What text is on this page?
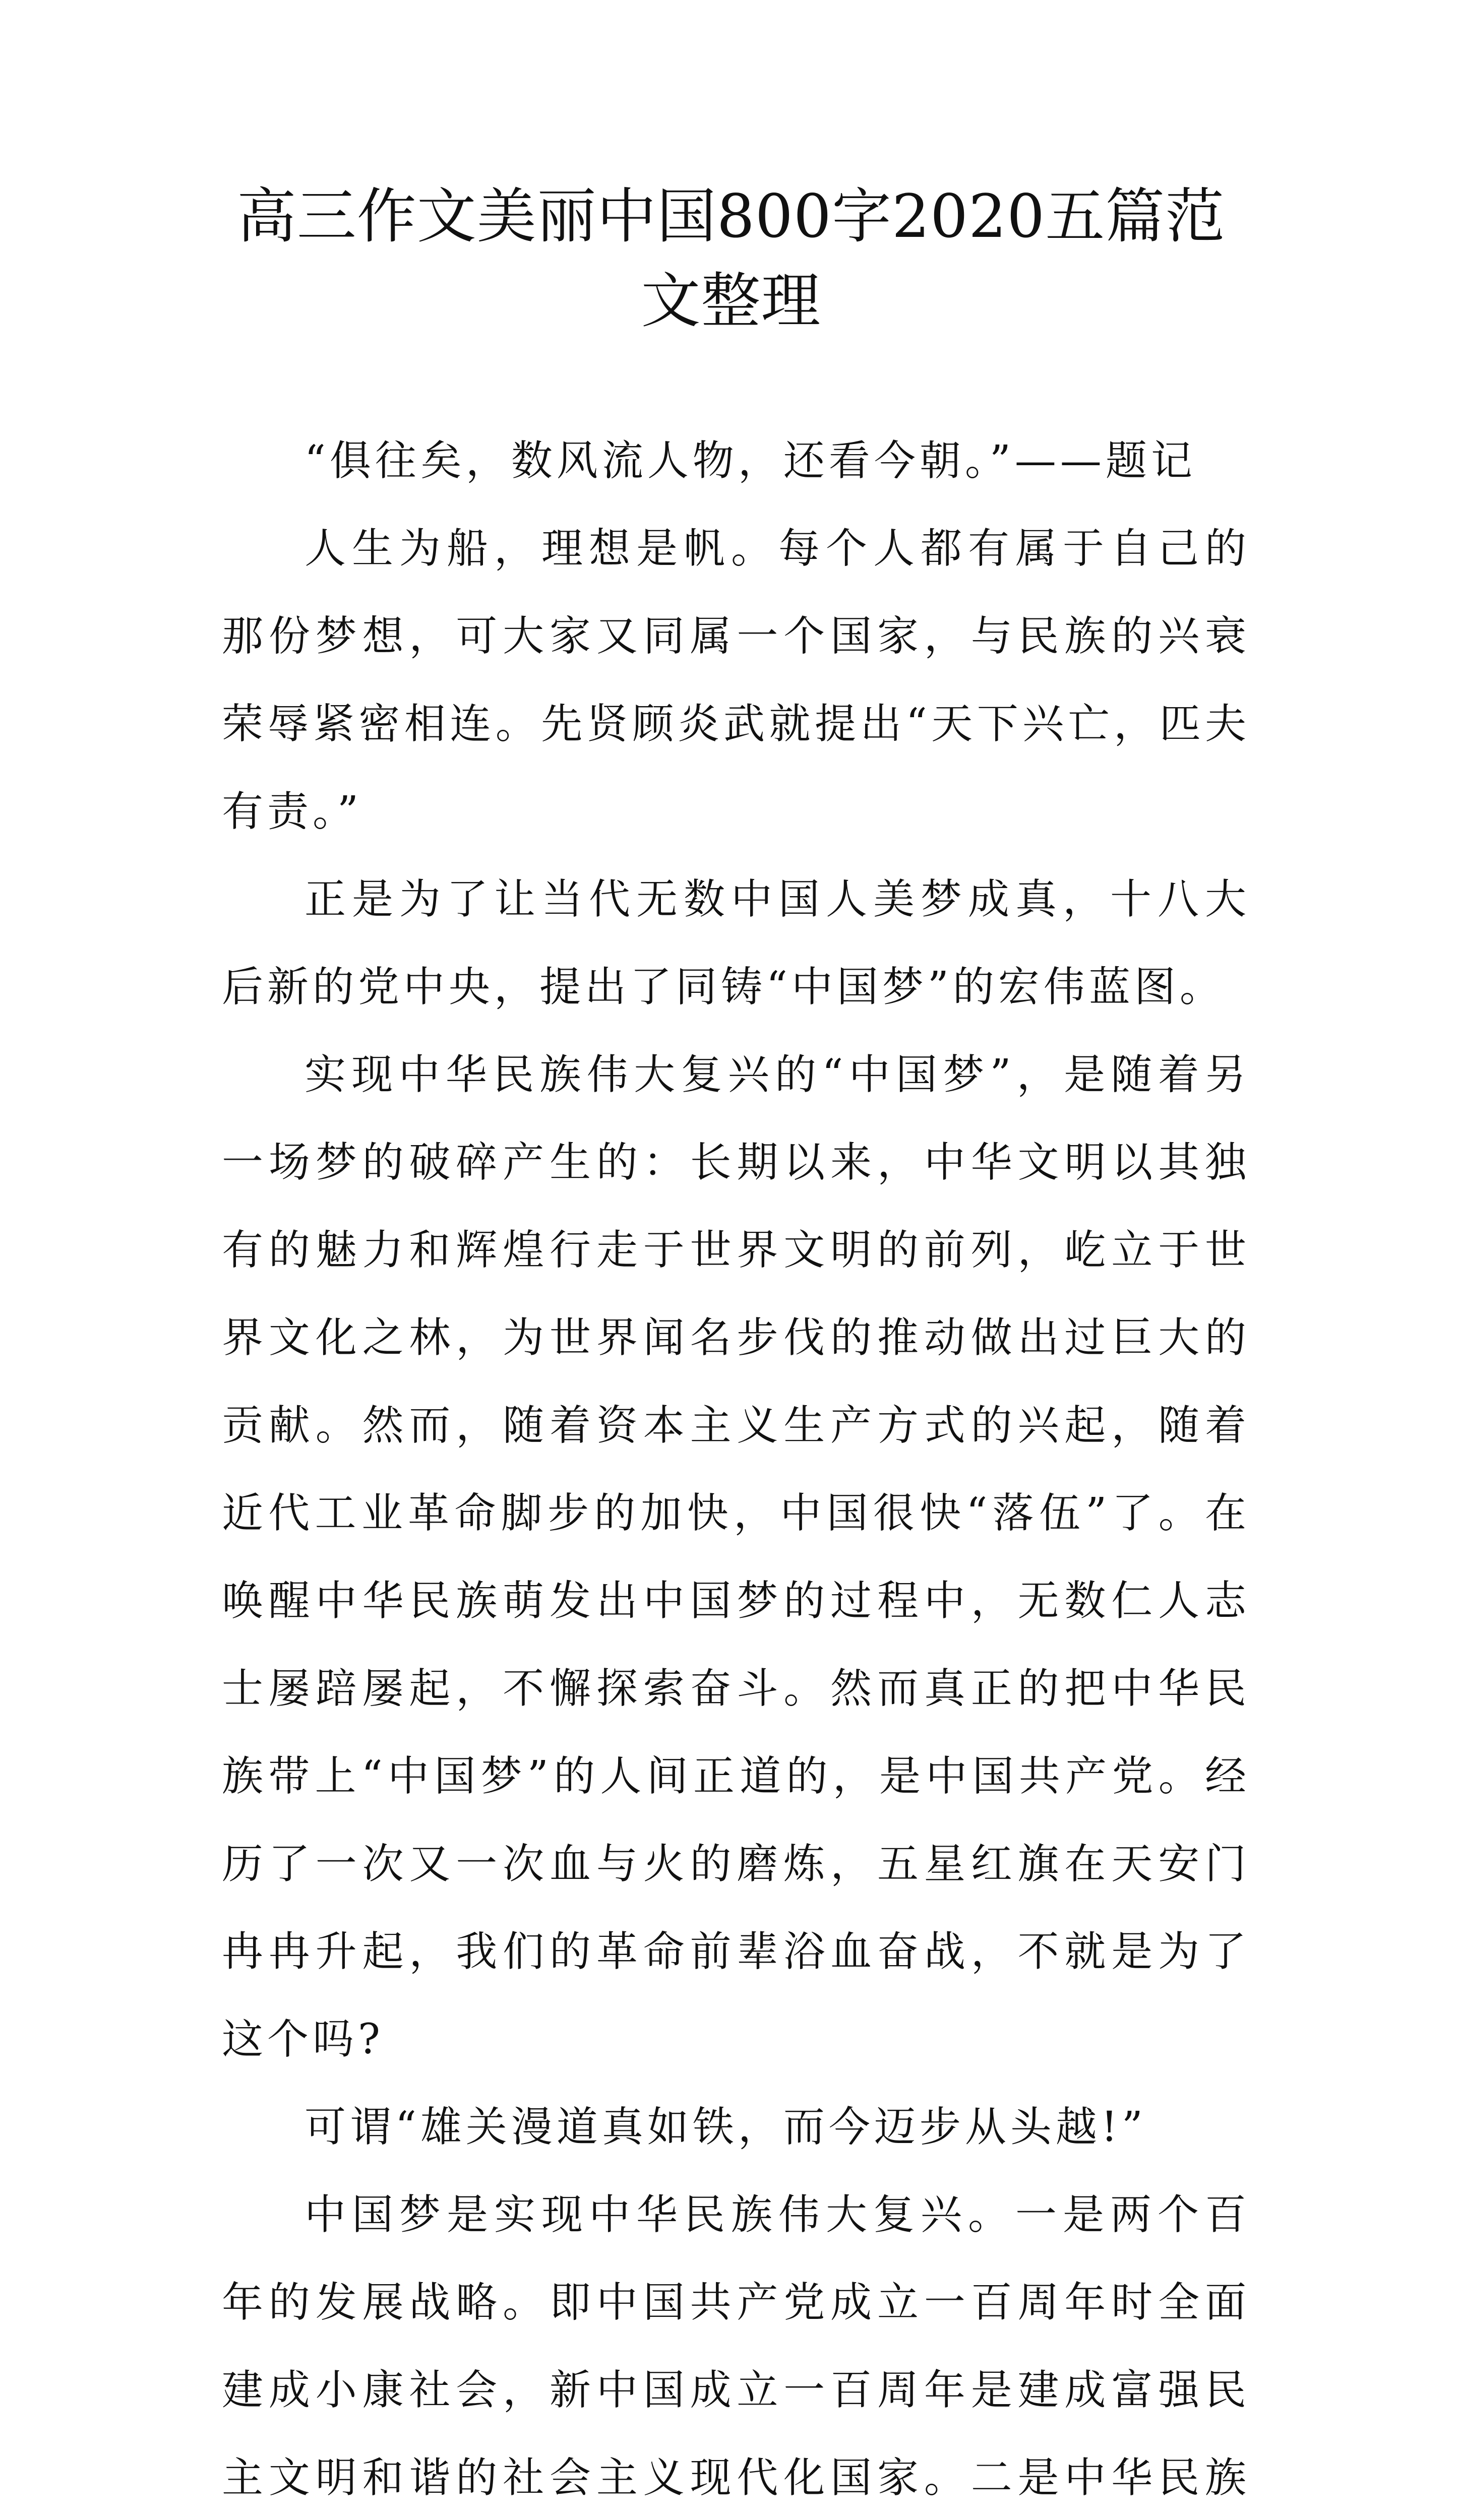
高三作文美丽中国800字2020五篇范文整理

“俱往矣，数风流人物，还看今朝。”——题记

人生为船，理想是帆。每个人都有属于自己的那份梦想，可大家又同属一个国家，与民族的兴衰荣辱紧密相连。先贤顾炎武就提出“天下兴亡，匹夫有责。”

正是为了让当代无数中国人美梦成真，十八大后新的党中央，提出了同铸“中国梦”的宏伟蓝图。

实现中华民族伟大复兴的“中国梦”，是随着另一场梦的破碎产生的：长期以来，中华文明以其独有的魅力和辉煌行走于世界文明的前列，屹立于世界文化之林，为世界闻名步伐的推动做出过巨大的贡献。然而，随着资本主义生产方式的兴起，随着近代工业革命脚步的加快，中国很快“落伍”了。在唤醒中华民族萌发出中国梦的过程中，无数仁人志士屡踣屡起，不懈探索奋斗。然而真正的把中华民族带上“中国梦”的人间正道的，是中国共产党。经历了一次又一次血与火的磨炼，五星红旗在天安门冉冉升起，我们的革命前辈浴血奋战，不就是为了这个吗?

可谓“雄关漫道真如铁，而今迈步从头越!”

中国梦是实现中华民族伟大复兴。一是两个百年的发展战略。即中国共产党成立一百周年时全面建成小康社会，新中国成立一百周年是建成富强民主文明和谐的社会主义现代化国家。二是中华民族
